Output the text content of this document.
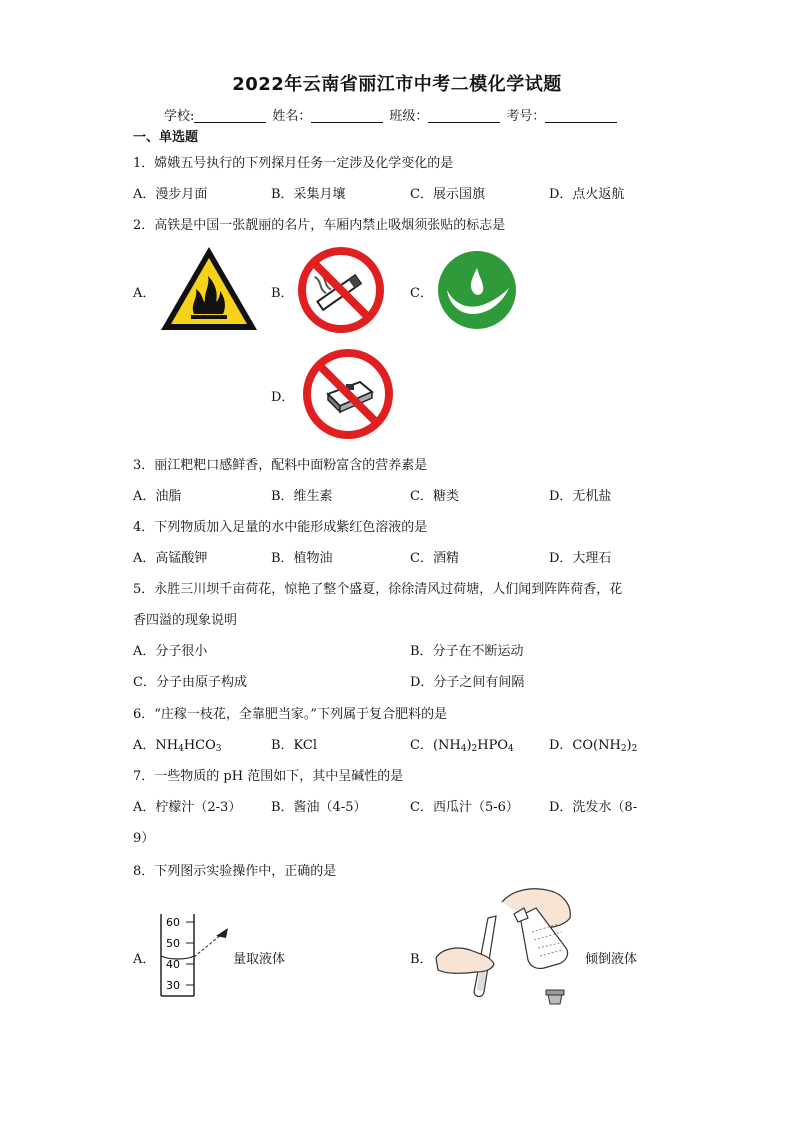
2022年云南省丽江市中考二模化学试题
学校:	姓名：	班级：	考号：
一、单选题
1．嫦娥五号执行的下列探月任务一定涉及化学变化的是
A．漫步月面	B．采集月壤	C．展示国旗	D．点火返航
2．高铁是中国一张靓丽的名片，车厢内禁止吸烟须张贴的标志是
A．	B．	C．
D．
3．丽江粑粑口感鲜香，配料中面粉富含的营养素是
A．油脂	B．维生素	C．糖类	D．无机盐
4．下列物质加入足量的水中能形成紫红色溶液的是
A．高锰酸钾	B．植物油	C．酒精	D．大理石
5．永胜三川坝千亩荷花，惊艳了整个盛夏，徐徐清风过荷塘，人们闻到阵阵荷香，花
香四溢的现象说明
A．分子很小	B．分子在不断运动
C．分子由原子构成	D．分子之间有间隔
6．“庄稼一枝花，全靠肥当家。”下列属于复合肥料的是
A．$NH_4HCO_3$	B．KCl	C．$(NH_4)_2HPO_4$	D．$CO(NH_2)_2$
7．一些物质的 pH 范围如下，其中呈碱性的是
A．柠檬汁（2-3） B．酱油（4-5）	C．西瓜汁（5-6） D．洗发水（8-
9）
8．下列图示实验操作中，正确的是
A．	量取液体	B．	倾倒液体
60
50
40
30
